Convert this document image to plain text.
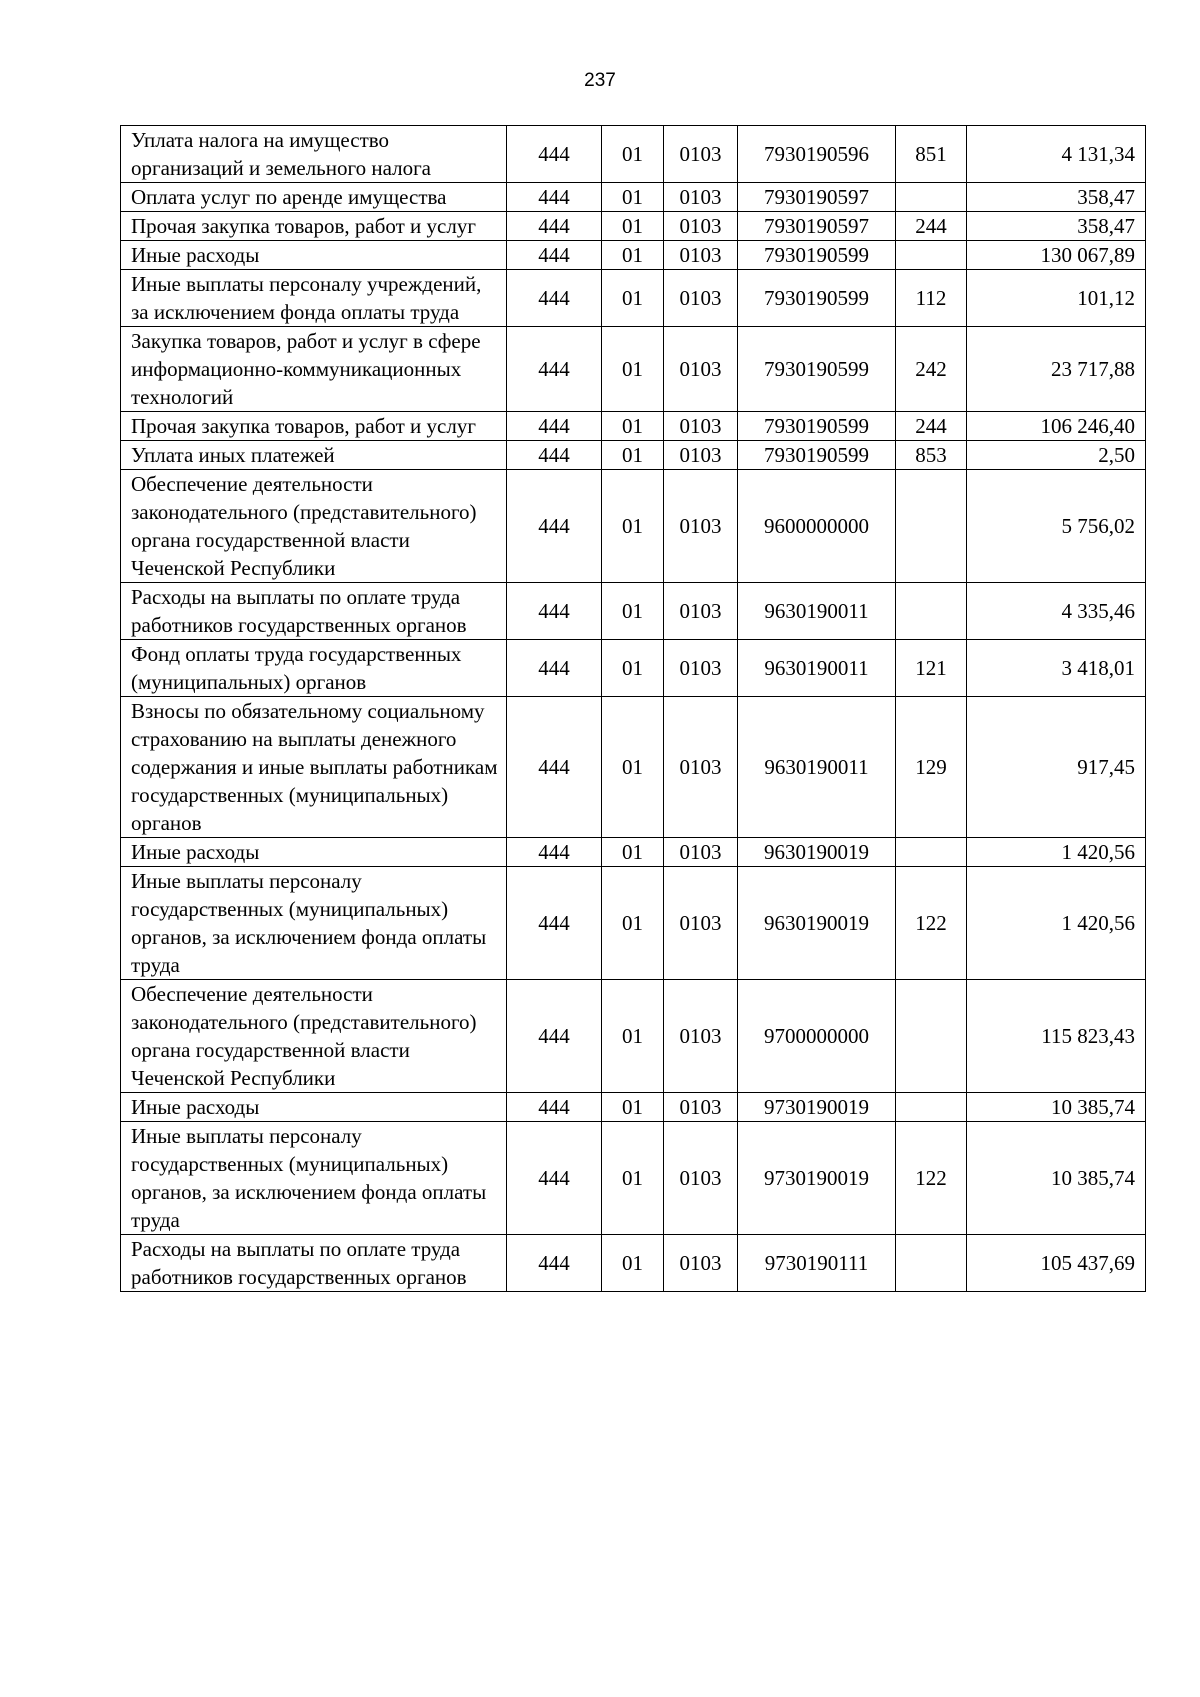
237
Уплата налога на имущество организаций и земельного налога	444	01	0103	7930190596	851	4 131,34
Оплата услуг по аренде имущества	444	01	0103	7930190597		358,47
Прочая закупка товаров, работ и услуг	444	01	0103	7930190597	244	358,47
Иные расходы	444	01	0103	7930190599		130 067,89
Иные выплаты персоналу учреждений, за исключением фонда оплаты труда	444	01	0103	7930190599	112	101,12
Закупка товаров, работ и услуг в сфере информационно-коммуникационных технологий	444	01	0103	7930190599	242	23 717,88
Прочая закупка товаров, работ и услуг	444	01	0103	7930190599	244	106 246,40
Уплата иных платежей	444	01	0103	7930190599	853	2,50
Обеспечение деятельности законодательного (представительного) органа государственной власти Чеченской Республики	444	01	0103	9600000000		5 756,02
Расходы на выплаты по оплате труда работников государственных органов	444	01	0103	9630190011		4 335,46
Фонд оплаты труда государственных (муниципальных) органов	444	01	0103	9630190011	121	3 418,01
Взносы по обязательному социальному страхованию на выплаты денежного содержания и иные выплаты работникам государственных (муниципальных) органов	444	01	0103	9630190011	129	917,45
Иные расходы	444	01	0103	9630190019		1 420,56
Иные выплаты персоналу государственных (муниципальных) органов, за исключением фонда оплаты труда	444	01	0103	9630190019	122	1 420,56
Обеспечение деятельности законодательного (представительного) органа государственной власти Чеченской Республики	444	01	0103	9700000000		115 823,43
Иные расходы	444	01	0103	9730190019		10 385,74
Иные выплаты персоналу государственных (муниципальных) органов, за исключением фонда оплаты труда	444	01	0103	9730190019	122	10 385,74
Расходы на выплаты по оплате труда работников государственных органов	444	01	0103	9730190111		105 437,69
